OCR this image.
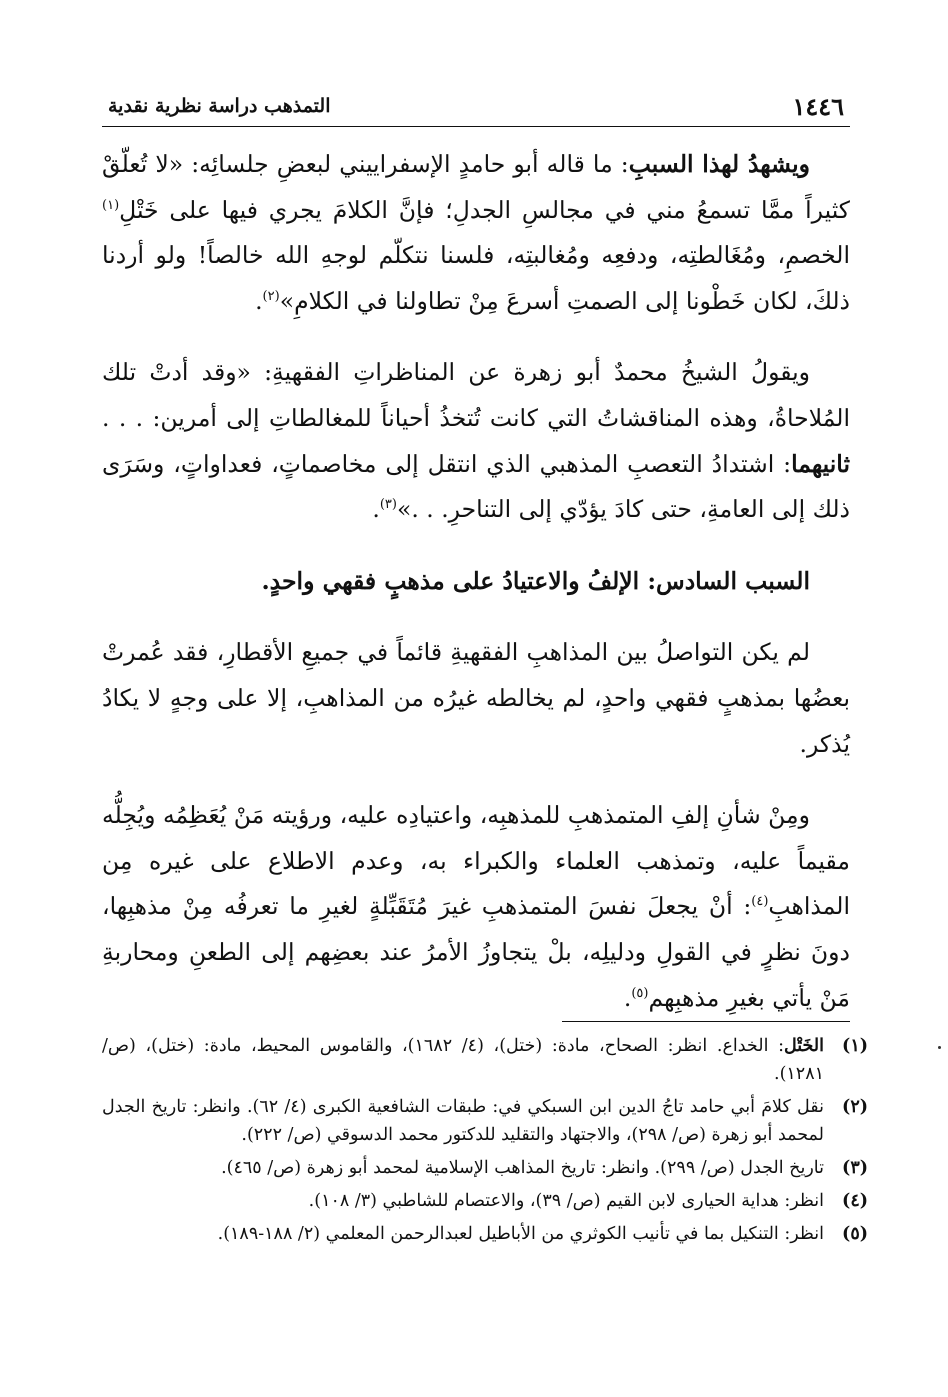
١٤٤٦
التمذهب دراسة نظرية نقدية

ويشهدُ لهذا السببِ: ما قاله أبو حامدٍ الإسفراييني لبعضِ جلسائِه: «لا تُعلّقْ كثيراً ممَّا تسمعُ مني في مجالسِ الجدلِ؛ فإنَّ الكلامَ يجري فيها على خَتْلِ$^{(١)}$ الخصمِ، ومُغَالطتِه، ودفعِه ومُغالبتِه، فلسنا نتكلّم لوجهِ الله خالصاً! ولو أردنا ذلكَ، لكان خَطْونا إلى الصمتِ أسرعَ مِنْ تطاولنا في الكلامِ»$^{(٢)}$.

ويقولُ الشيخُ محمدٌ أبو زهرة عن المناظراتِ الفقهيةِ: «وقد أدتْ تلك المُلاحاةُ، وهذه المناقشاتُ التي كانت تُتخذُ أحياناً للمغالطاتِ إلى أمرين: . . . ثانيهما: اشتدادُ التعصبِ المذهبي الذي انتقل إلى مخاصماتٍ، فعداواتٍ، وسَرَى ذلك إلى العامةِ، حتى كادَ يؤدّي إلى التناحرِ. . .»$^{(٣)}$.

السبب السادس: الإلفُ والاعتيادُ على مذهبٍ فقهي واحدٍ.

لم يكن التواصلُ بين المذاهبِ الفقهيةِ قائماً في جميعِ الأقطارِ، فقد عُمرتْ بعضُها بمذهبٍ فقهي واحدٍ، لم يخالطه غيرُه من المذاهبِ، إلا على وجهٍ لا يكادُ يُذكر.

ومِنْ شأنِ إلفِ المتمذهبِ للمذهبِه، واعتيادِه عليه، ورؤيته مَنْ يُعَظِمُه ويُجِلُّه مقيماً عليه، وتمذهب العلماء والكبراء به، وعدم الاطلاع على غيره مِن المذاهبِ$^{(٤)}$: أنْ يجعلَ نفسَ المتمذهبِ غيرَ مُتَقَبِّلةٍ لغيرِ ما تعرفُه مِنْ مذهبِها، دونَ نظرٍ في القولِ ودليلِه، بلْ يتجاوزُ الأمرُ عند بعضِهم إلى الطعنِ ومحاربةِ مَنْ يأتي بغيرِ مذهبِهم$^{(٥)}$.

(١)
الخَتْل: الخداع. انظر: الصحاح، مادة: (ختل)، (٤/ ١٦٨٢)، والقاموس المحيط، مادة: (ختل)، (ص/ ١٢٨١).
(٢)
نقل كلامَ أبي حامد تاجُ الدين ابن السبكي في: طبقات الشافعية الكبرى (٤/ ٦٢). وانظر: تاريخ الجدل لمحمد أبو زهرة (ص/ ٢٩٨)، والاجتهاد والتقليد للدكتور محمد الدسوقي (ص/ ٢٢٢).
(٣)
تاريخ الجدل (ص/ ٢٩٩). وانظر: تاريخ المذاهب الإسلامية لمحمد أبو زهرة (ص/ ٤٦٥).
(٤)
انظر: هداية الحيارى لابن القيم (ص/ ٣٩)، والاعتصام للشاطبي (٣/ ١٠٨).
(٥)
انظر: التنكيل بما في تأنيب الكوثري من الأباطيل لعبدالرحمن المعلمي (٢/ ١٨٨-١٨٩).
